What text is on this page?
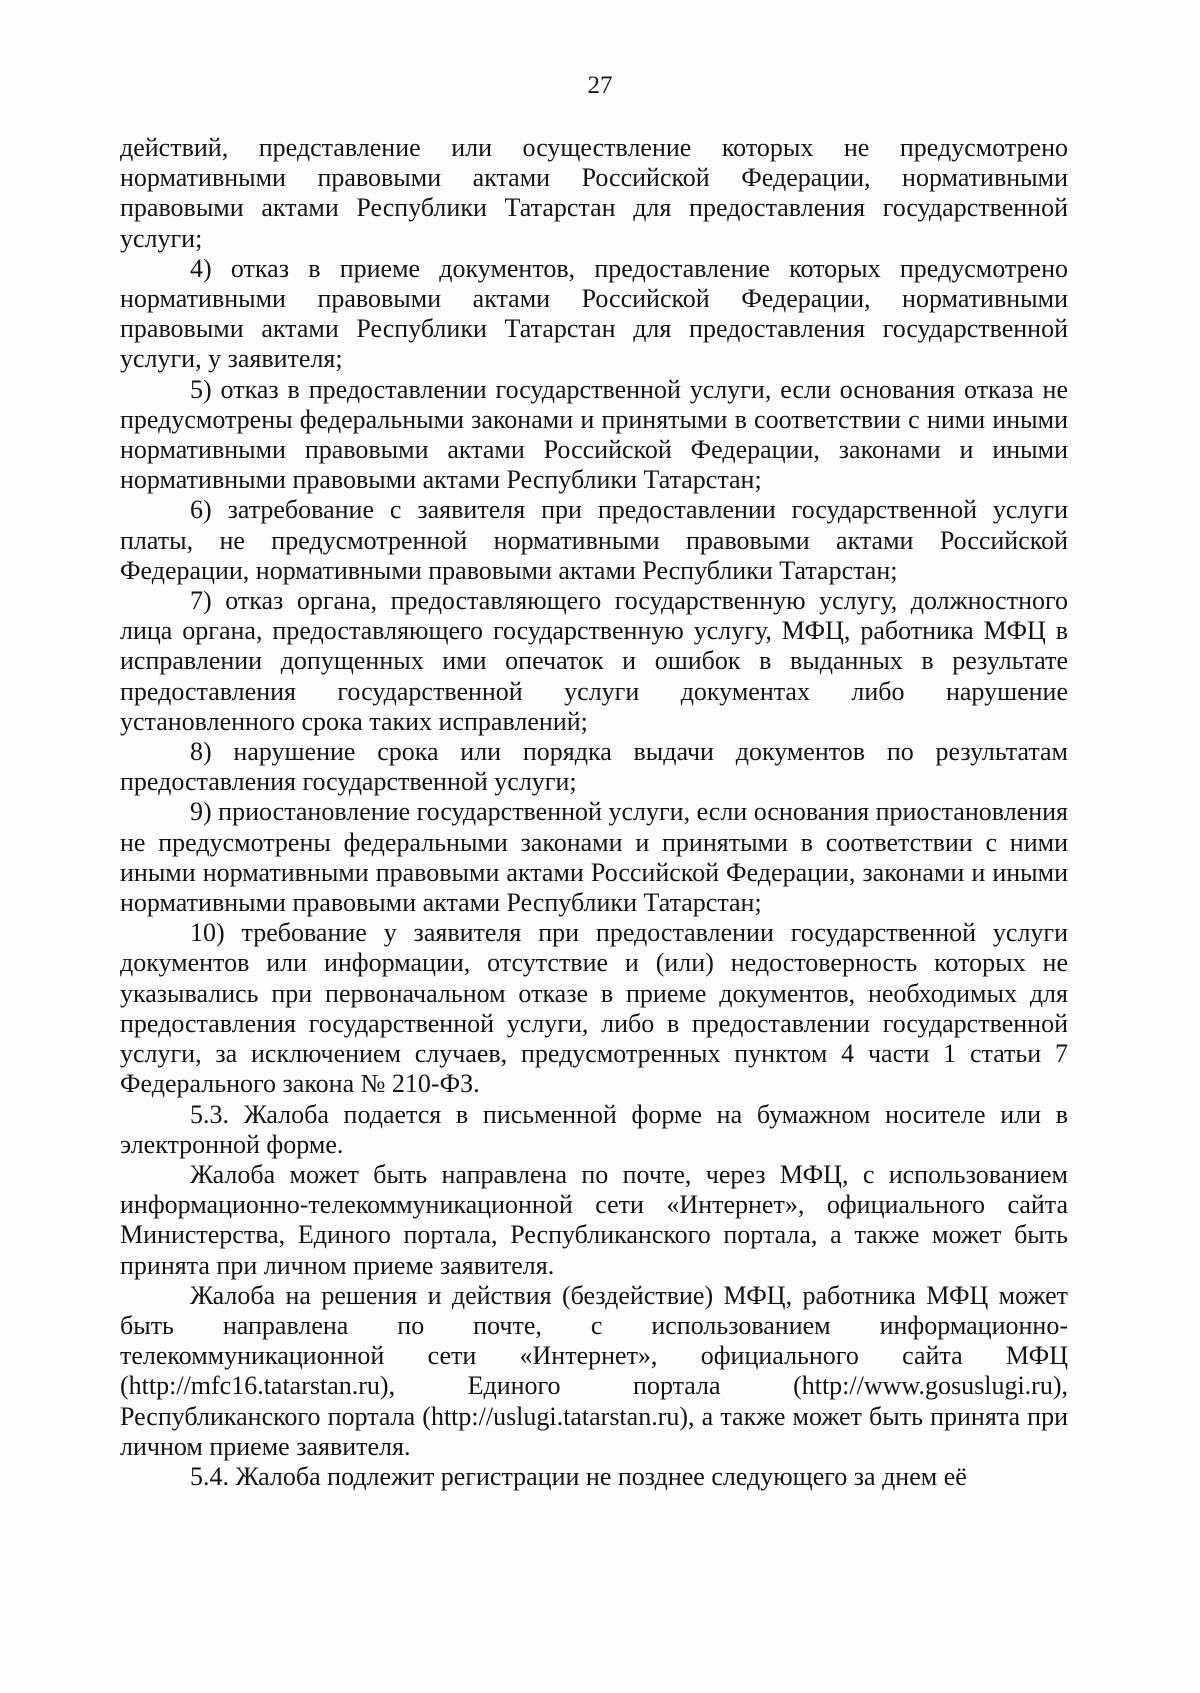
27

действий, представление или осуществление которых не предусмотрено нормативными правовыми актами Российской Федерации, нормативными правовыми актами Республики Татарстан для предоставления государственной услуги;

4) отказ в приеме документов, предоставление которых предусмотрено нормативными правовыми актами Российской Федерации, нормативными правовыми актами Республики Татарстан для предоставления государственной услуги, у заявителя;

5) отказ в предоставлении государственной услуги, если основания отказа не предусмотрены федеральными законами и принятыми в соответствии с ними иными нормативными правовыми актами Российской Федерации, законами и иными нормативными правовыми актами Республики Татарстан;

6) затребование с заявителя при предоставлении государственной услуги платы, не предусмотренной нормативными правовыми актами Российской Федерации, нормативными правовыми актами Республики Татарстан;

7) отказ органа, предоставляющего государственную услугу, должностного лица органа, предоставляющего государственную услугу, МФЦ, работника МФЦ в исправлении допущенных ими опечаток и ошибок в выданных в результате предоставления государственной услуги документах либо нарушение установленного срока таких исправлений;

8) нарушение срока или порядка выдачи документов по результатам предоставления государственной услуги;

9) приостановление государственной услуги, если основания приостановления не предусмотрены федеральными законами и принятыми в соответствии с ними иными нормативными правовыми актами Российской Федерации, законами и иными нормативными правовыми актами Республики Татарстан;

10) требование у заявителя при предоставлении государственной услуги документов или информации, отсутствие и (или) недостоверность которых не указывались при первоначальном отказе в приеме документов, необходимых для предоставления государственной услуги, либо в предоставлении государственной услуги, за исключением случаев, предусмотренных пунктом 4 части 1 статьи 7 Федерального закона № 210-ФЗ.

5.3. Жалоба подается в письменной форме на бумажном носителе или в электронной форме.

Жалоба может быть направлена по почте, через МФЦ, с использованием информационно-телекоммуникационной сети «Интернет», официального сайта Министерства, Единого портала, Республиканского портала, а также может быть принята при личном приеме заявителя.

Жалоба на решения и действия (бездействие) МФЦ, работника МФЦ может быть направлена по почте, с использованием информационно-телекоммуникационной сети «Интернет», официального сайта МФЦ (http://mfc16.tatarstan.ru), Единого портала (http://www.gosuslugi.ru), Республиканского портала (http://uslugi.tatarstan.ru), а также может быть принята при личном приеме заявителя.

5.4. Жалоба подлежит регистрации не позднее следующего за днем её
